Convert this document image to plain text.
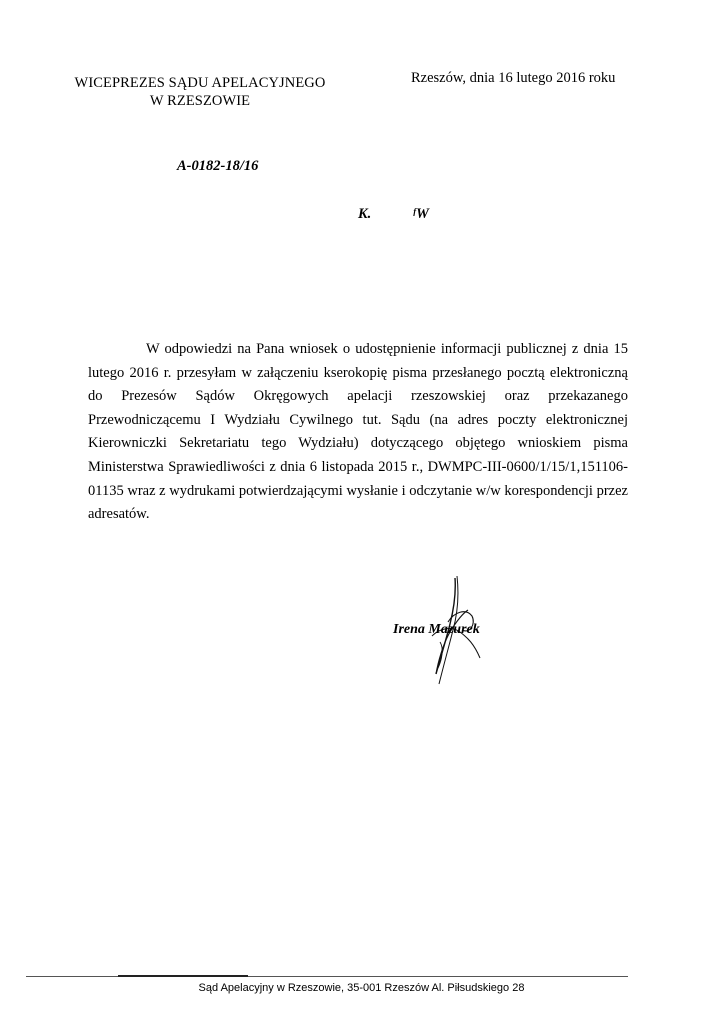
WICEPREZES SĄDU APELACYJNEGO
W RZESZOWIE
Rzeszów, dnia 16 lutego 2016 roku
A-0182-18/16
K.	ᶠW
W odpowiedzi na Pana wniosek o udostępnienie informacji publicznej z dnia 15 lutego 2016 r. przesyłam w załączeniu kserokopię pisma przesłanego pocztą elektroniczną do Prezesów Sądów Okręgowych apelacji rzeszowskiej oraz przekazanego Przewodniczącemu I Wydziału Cywilnego tut. Sądu (na adres poczty elektronicznej Kierowniczki Sekretariatu tego Wydziału) dotyczącego objętego wnioskiem pisma Ministerstwa Sprawiedliwości z dnia 6 listopada 2015 r., DWMPC-III-0600/1/15/1,151106-01135 wraz z wydrukami potwierdzającymi wysłanie i odczytanie w/w korespondencji przez adresatów.
Irena Mazurek
Sąd Apelacyjny w Rzeszowie, 35-001 Rzeszów Al. Piłsudskiego 28
